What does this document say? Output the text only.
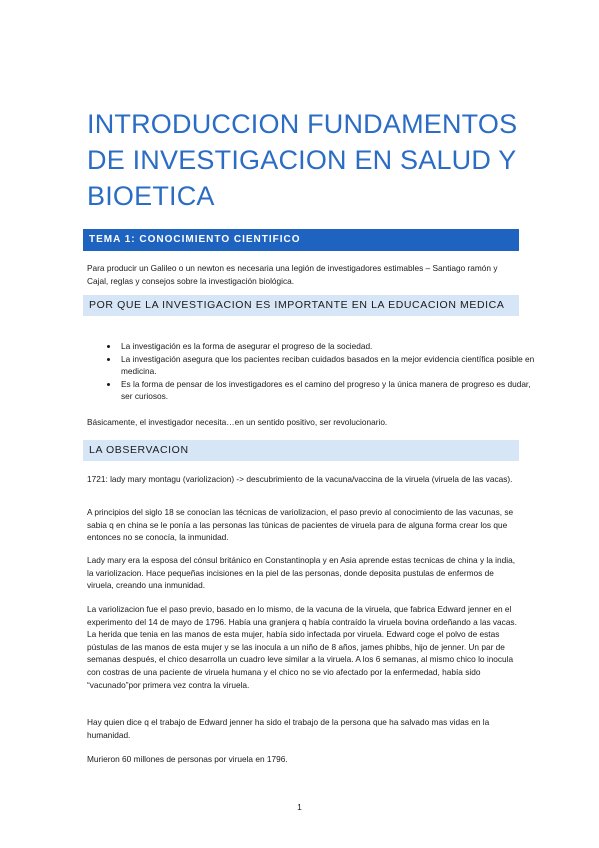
INTRODUCCION FUNDAMENTOS DE INVESTIGACION EN SALUD Y BIOETICA
TEMA 1: CONOCIMIENTO CIENTIFICO

Para producir un Galileo o un newton es necesaria una legión de investigadores estimables – Santiago ramón y Cajal, reglas y consejos sobre la investigación biológica.

POR QUE LA INVESTIGACION ES IMPORTANTE EN LA EDUCACION MEDICA
• La investigación es la forma de asegurar el progreso de la sociedad.
• La investigación asegura que los pacientes reciban cuidados basados en la mejor evidencia científica posible en medicina.
• Es la forma de pensar de los investigadores es el camino del progreso y la única manera de progreso es dudar, ser curiosos.

Básicamente, el investigador necesita…en un sentido positivo, ser revolucionario.

LA OBSERVACION

1721: lady mary montagu (variolizacion) -> descubrimiento de la vacuna/vaccina de la viruela (viruela de las vacas).

A principios del siglo 18 se conocían las técnicas de variolizacion, el paso previo al conocimiento de las vacunas, se sabia q en china se le ponía a las personas las túnicas de pacientes de viruela para de alguna forma crear los que entonces no se conocía, la inmunidad.

Lady mary era la esposa del cónsul británico en Constantinopla y en Asia aprende estas tecnicas de china y la india, la variolizacion. Hace pequeñas incisiones en la piel de las personas, donde deposita pustulas de enfermos de viruela, creando una inmunidad.

La variolizacion fue el paso previo, basado en lo mismo, de la vacuna de la viruela, que fabrica Edward jenner en el experimento del 14 de mayo de 1796. Había una granjera q había contraído la viruela bovina ordeñando a las vacas. La herida que tenia en las manos de esta mujer, había sido infectada por viruela. Edward coge el polvo de estas pústulas de las manos de esta mujer y se las inocula a un niño de 8 años, james phibbs, hijo de jenner. Un par de semanas después, el chico desarrolla un cuadro leve similar a la viruela. A los 6 semanas, al mismo chico lo inocula con costras de una paciente de viruela humana y el chico no se vio afectado por la enfermedad, había sido “vacunado”por primera vez contra la viruela.

Hay quien dice q el trabajo de Edward jenner ha sido el trabajo de la persona que ha salvado mas vidas en la humanidad.

Murieron 60 millones de personas por viruela en 1796.

1
